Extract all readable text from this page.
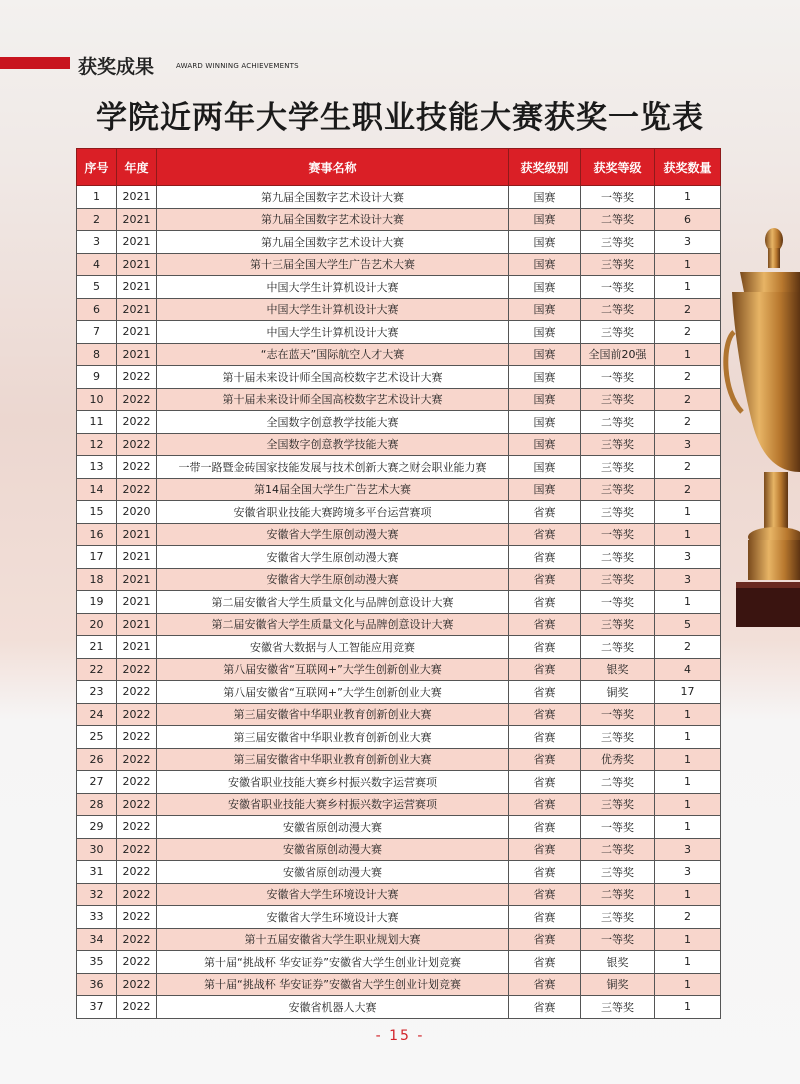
获奖成果	AWARD WINNING ACHIEVEMENTS
学院近两年大学生职业技能大赛获奖一览表
序号	年度	赛事名称	获奖级别	获奖等级	获奖数量
1	2021	第九届全国数字艺术设计大赛	国赛	一等奖	1
2	2021	第九届全国数字艺术设计大赛	国赛	二等奖	6
3	2021	第九届全国数字艺术设计大赛	国赛	三等奖	3
4	2021	第十三届全国大学生广告艺术大赛	国赛	三等奖	1
5	2021	中国大学生计算机设计大赛	国赛	一等奖	1
6	2021	中国大学生计算机设计大赛	国赛	二等奖	2
7	2021	中国大学生计算机设计大赛	国赛	三等奖	2
8	2021	“志在蓝天”国际航空人才大赛	国赛	全国前20强	1
9	2022	第十届未来设计师全国高校数字艺术设计大赛	国赛	一等奖	2
10	2022	第十届未来设计师全国高校数字艺术设计大赛	国赛	三等奖	2
11	2022	全国数字创意教学技能大赛	国赛	二等奖	2
12	2022	全国数字创意教学技能大赛	国赛	三等奖	3
13	2022	一带一路暨金砖国家技能发展与技术创新大赛之财会职业能力赛	国赛	三等奖	2
14	2022	第14届全国大学生广告艺术大赛	国赛	三等奖	2
15	2020	安徽省职业技能大赛跨境多平台运营赛项	省赛	三等奖	1
16	2021	安徽省大学生原创动漫大赛	省赛	一等奖	1
17	2021	安徽省大学生原创动漫大赛	省赛	二等奖	3
18	2021	安徽省大学生原创动漫大赛	省赛	三等奖	3
19	2021	第二届安徽省大学生质量文化与品牌创意设计大赛	省赛	一等奖	1
20	2021	第二届安徽省大学生质量文化与品牌创意设计大赛	省赛	三等奖	5
21	2021	安徽省大数据与人工智能应用竞赛	省赛	二等奖	2
22	2022	第八届安徽省“互联网+”大学生创新创业大赛	省赛	银奖	4
23	2022	第八届安徽省“互联网+”大学生创新创业大赛	省赛	铜奖	17
24	2022	第三届安徽省中华职业教育创新创业大赛	省赛	一等奖	1
25	2022	第三届安徽省中华职业教育创新创业大赛	省赛	三等奖	1
26	2022	第三届安徽省中华职业教育创新创业大赛	省赛	优秀奖	1
27	2022	安徽省职业技能大赛乡村振兴数字运营赛项	省赛	二等奖	1
28	2022	安徽省职业技能大赛乡村振兴数字运营赛项	省赛	三等奖	1
29	2022	安徽省原创动漫大赛	省赛	一等奖	1
30	2022	安徽省原创动漫大赛	省赛	二等奖	3
31	2022	安徽省原创动漫大赛	省赛	三等奖	3
32	2022	安徽省大学生环境设计大赛	省赛	二等奖	1
33	2022	安徽省大学生环境设计大赛	省赛	三等奖	2
34	2022	第十五届安徽省大学生职业规划大赛	省赛	一等奖	1
35	2022	第十届“挑战杯 华安证券”安徽省大学生创业计划竞赛	省赛	银奖	1
36	2022	第十届“挑战杯 华安证券”安徽省大学生创业计划竞赛	省赛	铜奖	1
37	2022	安徽省机器人大赛	省赛	三等奖	1
- 15 -
